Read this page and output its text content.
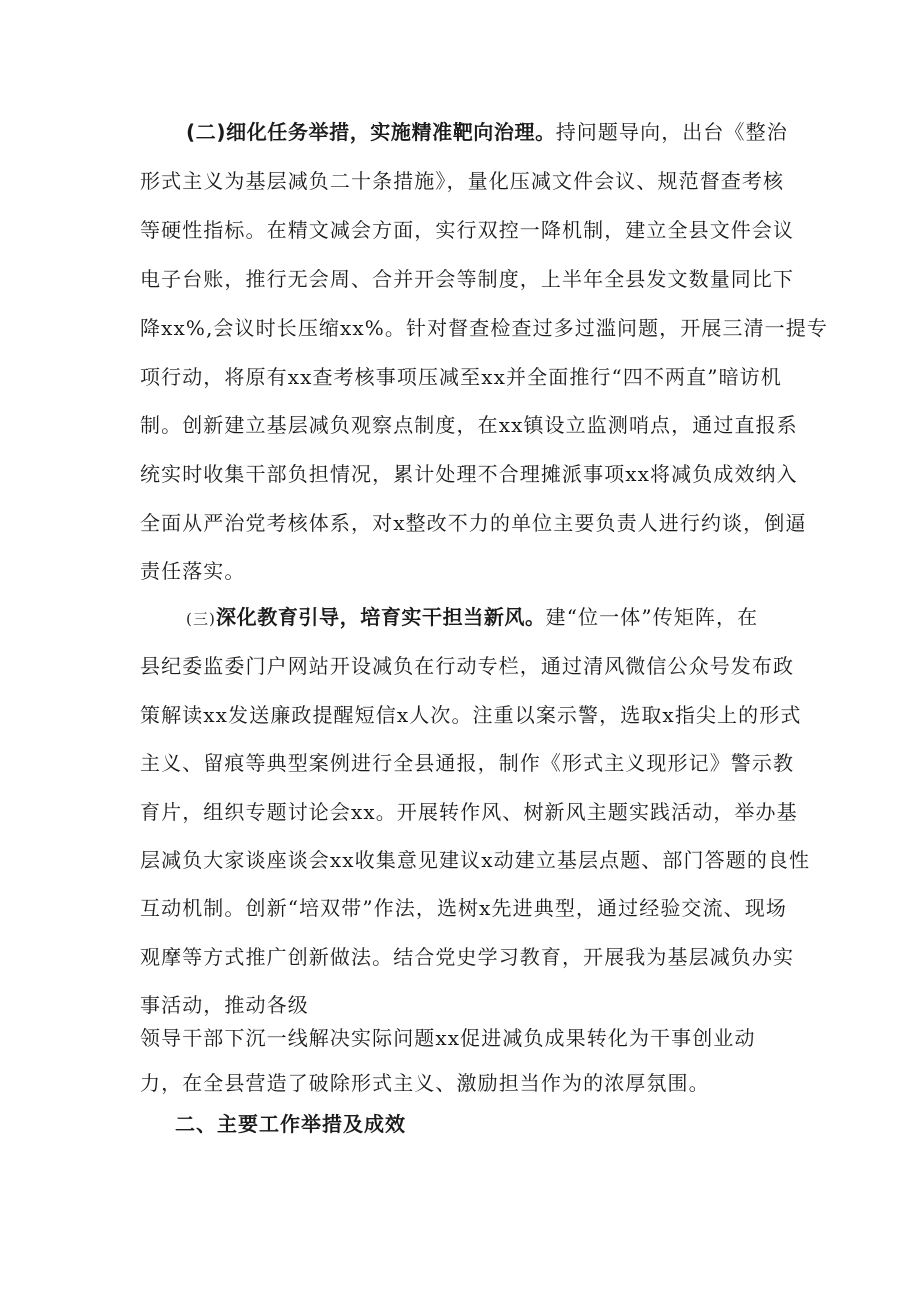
(二)细化任务举措，实施精准靶向治理。持问题导向，出台《整治
形式主义为基层减负二十条措施》，量化压减文件会议、规范督查考核
等硬性指标。在精文减会方面，实行双控一降机制，建立全县文件会议
电子台账，推行无会周、合并开会等制度，上半年全县发文数量同比下
降xx%,会议时长压缩xx%。针对督查检查过多过滥问题，开展三清一提专
项行动，将原有xx查考核事项压减至xx并全面推行“四不两直”暗访机
制。创新建立基层减负观察点制度，在xx镇设立监测哨点，通过直报系
统实时收集干部负担情况，累计处理不合理摊派事项xx将减负成效纳入
全面从严治党考核体系，对x整改不力的单位主要负责人进行约谈，倒逼
责任落实。
(三)深化教育引导，培育实干担当新风。建“位一体”传矩阵，在
县纪委监委门户网站开设减负在行动专栏，通过清风微信公众号发布政
策解读xx发送廉政提醒短信x人次。注重以案示警，选取x指尖上的形式
主义、留痕等典型案例进行全县通报，制作《形式主义现形记》警示教
育片，组织专题讨论会xx。开展转作风、树新风主题实践活动，举办基
层减负大家谈座谈会xx收集意见建议x动建立基层点题、部门答题的良性
互动机制。创新“培双带”作法，选树x先进典型，通过经验交流、现场
观摩等方式推广创新做法。结合党史学习教育，开展我为基层减负办实
事活动，推动各级
领导干部下沉一线解决实际问题xx促进减负成果转化为干事创业动
力，在全县营造了破除形式主义、激励担当作为的浓厚氛围。
二、主要工作举措及成效
